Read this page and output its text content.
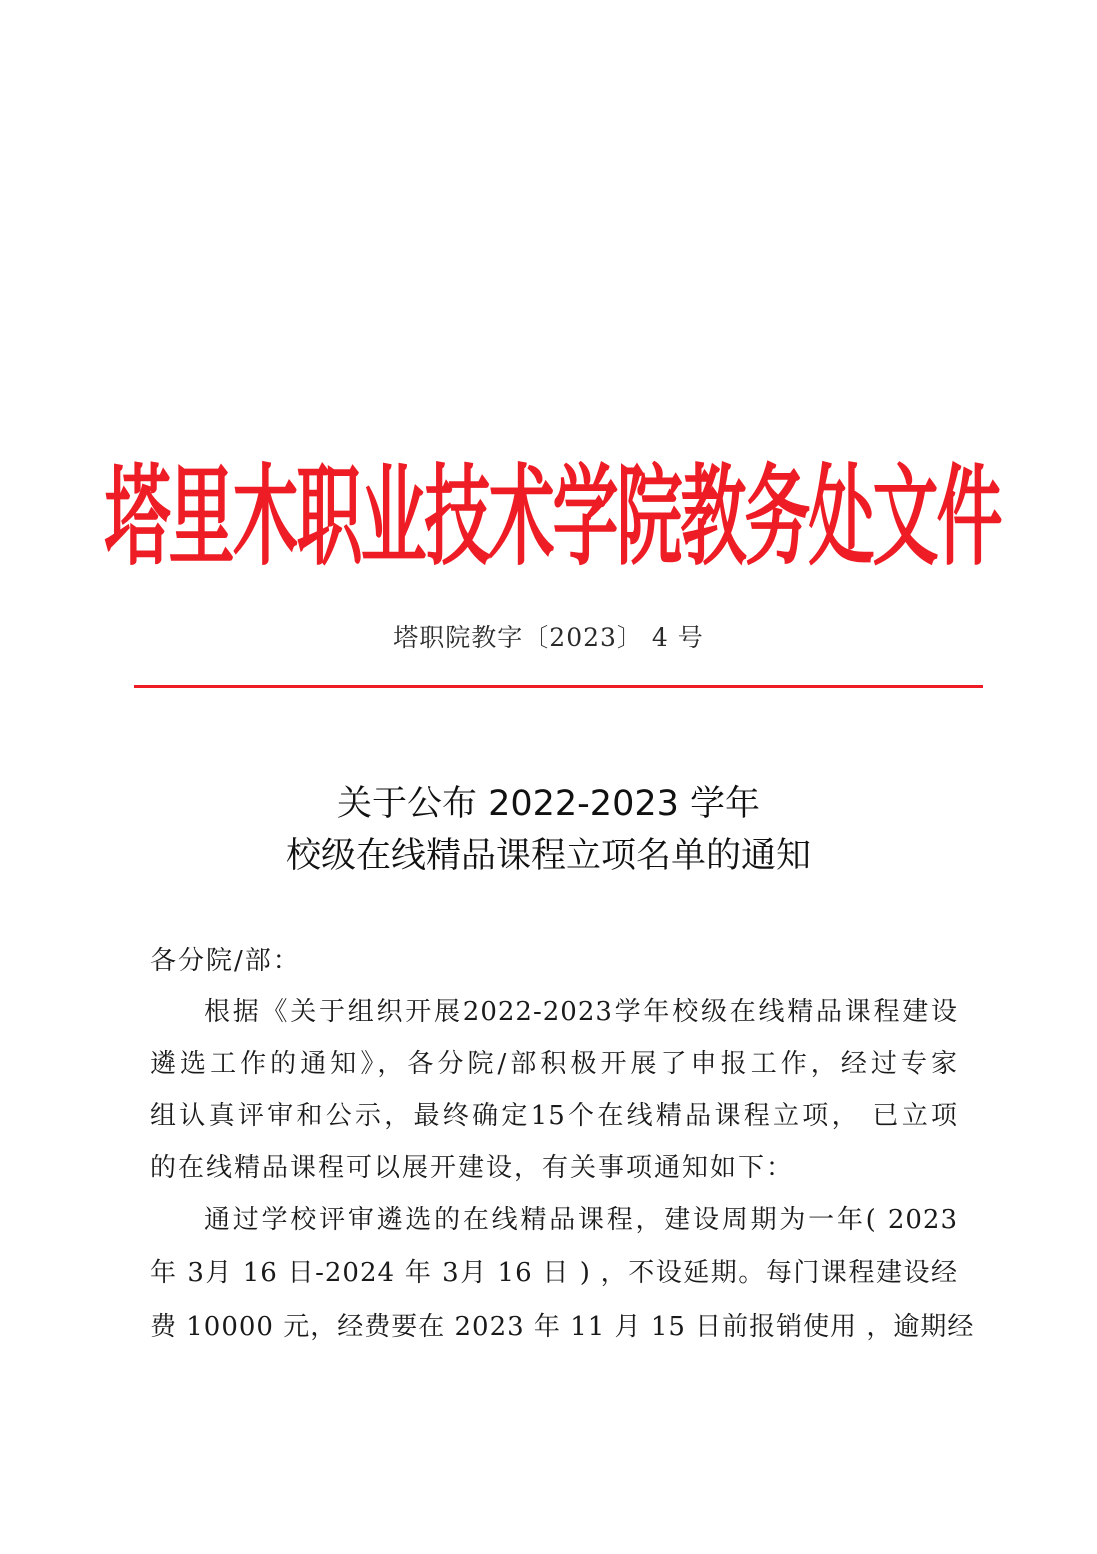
塔里木职业技术学院教务处文件
塔职院教字〔2023〕 4 号
关于公布 2022-2023 学年
校级在线精品课程立项名单的通知
各分院/部：
根据《关于组织开展2022-2023学年校级在线精品课程建设
遴选工作的通知》，各分院/部积极开展了申报工作，经过专家
组认真评审和公示，最终确定15个在线精品课程立项， 已立项
的在线精品课程可以展开建设，有关事项通知如下：
通过学校评审遴选的在线精品课程，建设周期为一年( 2023
年 3月 16 日-2024 年 3月 16 日 ) ，不设延期。每门课程建设经
费 10000 元，经费要在 2023 年 11 月 15 日前报销使用 ，逾期经
